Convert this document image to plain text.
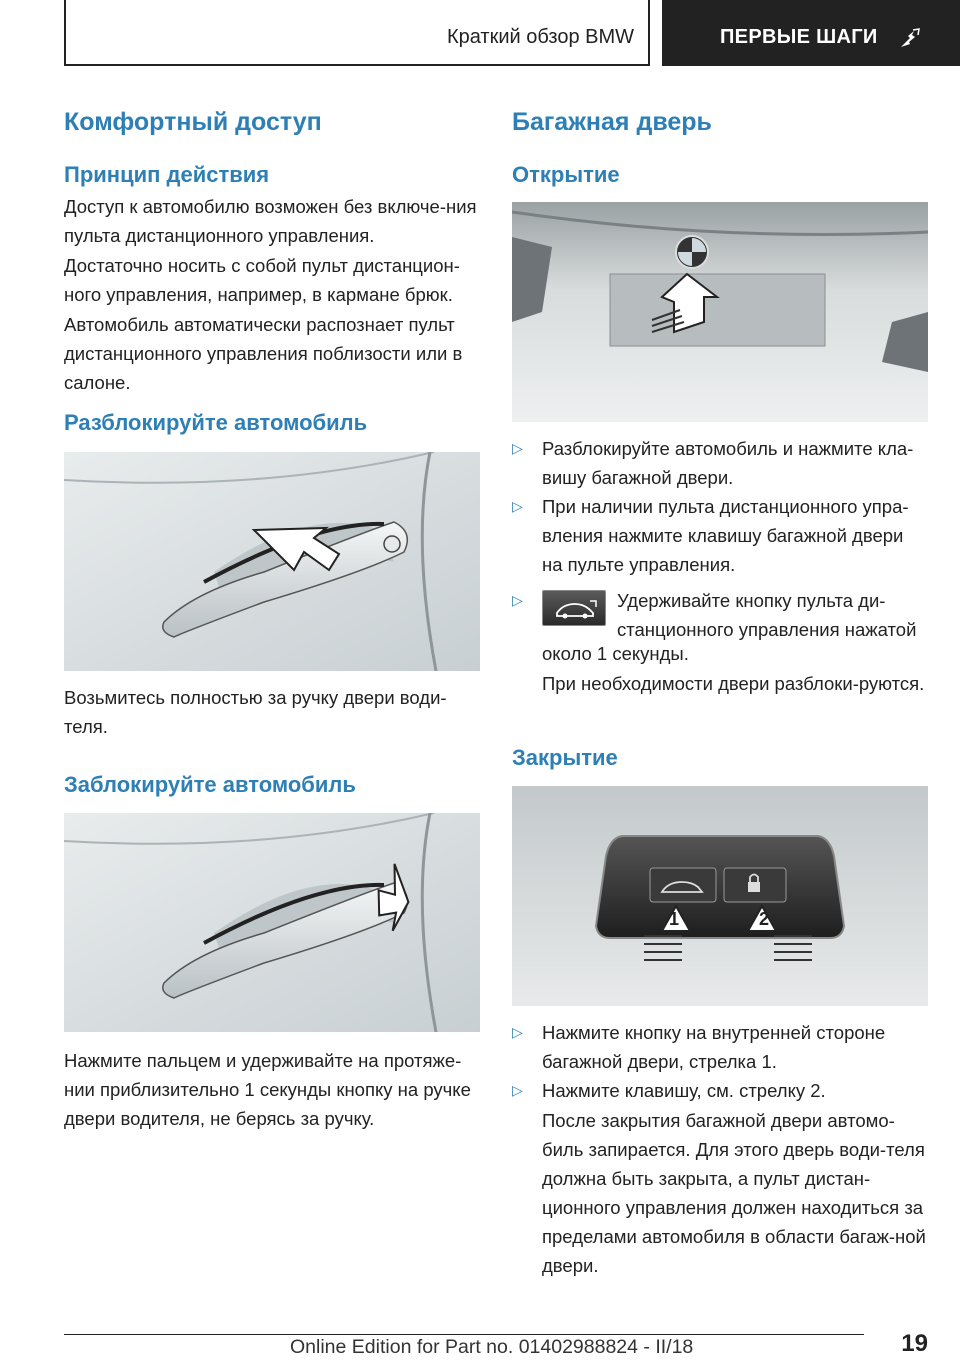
Краткий обзор BMW	ПЕРВЫЕ ШАГИ
Комфортный доступ
Принцип действия
Доступ к автомобилю возможен без включе-ния пульта дистанционного управления.
Достаточно носить с собой пульт дистанцион-ного управления, например, в кармане брюк.
Автомобиль автоматически распознает пульт дистанционного управления поблизости или в салоне.
Разблокируйте автомобиль
Возьмитесь полностью за ручку двери води-теля.
Заблокируйте автомобиль
Нажмите пальцем и удерживайте на протяже-нии приблизительно 1 секунды кнопку на ручке двери водителя, не берясь за ручку.
Багажная дверь
Открытие
▷	Разблокируйте автомобиль и нажмите кла-вишу багажной двери.
▷	При наличии пульта дистанционного упра-вления нажмите клавишу багажной двери на пульте управления.
▷	Удерживайте кнопку пульта ди-
станционного управления нажатой
около 1 секунды.
При необходимости двери разблоки-руются.
Закрытие
1	2
▷	Нажмите кнопку на внутренней стороне багажной двери, стрелка 1.
▷	Нажмите клавишу, см. стрелку 2.
После закрытия багажной двери автомо-биль запирается. Для этого дверь води-теля должна быть закрыта, а пульт дистан-ционного управления должен находиться за пределами автомобиля в области багаж-ной двери.
19
Online Edition for Part no. 01402988824 - II/18
